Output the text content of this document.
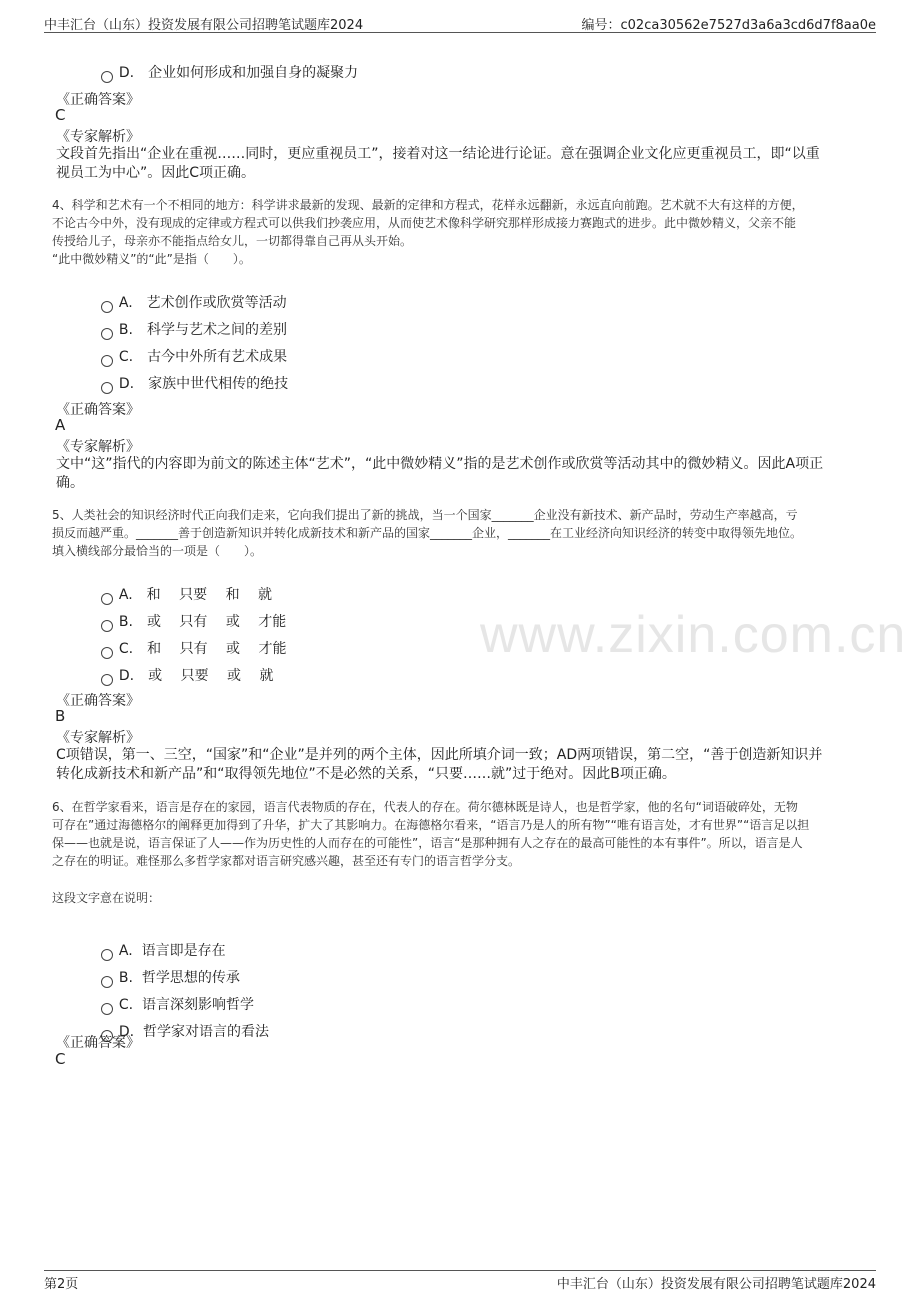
中丰汇台（山东）投资发展有限公司招聘笔试题库2024	编号：c02ca30562e7527d3a6a3cd6d7f8aa0e
www.zixin.com.cn

D.　企业如何形成和加强自身的凝聚力

《正确答案》
C
《专家解析》
文段首先指出“企业在重视……同时，更应重视员工”，接着对这一结论进行论证。意在强调企业文化应更重视员工，即“以重
视员工为中心”。因此C项正确。
4、科学和艺术有一个不相同的地方：科学讲求最新的发现、最新的定律和方程式，花样永远翻新，永远直向前跑。艺术就不大有这样的方便，
不论古今中外，没有现成的定律或方程式可以供我们抄袭应用，从而使艺术像科学研究那样形成接力赛跑式的进步。此中微妙精义，父亲不能
传授给儿子，母亲亦不能指点给女儿，一切都得靠自己再从头开始。
“此中微妙精义”的“此”是指（　　）。

A.　艺术创作或欣赏等活动

B.　科学与艺术之间的差别

C.　古今中外所有艺术成果

D.　家族中世代相传的绝技

《正确答案》
A
《专家解析》
文中“这”指代的内容即为前文的陈述主体“艺术”，“此中微妙精义”指的是艺术创作或欣赏等活动其中的微妙精义。因此A项正
确。
5、人类社会的知识经济时代正向我们走来，它向我们提出了新的挑战，当一个国家_______企业没有新技术、新产品时，劳动生产率越高，亏
损反而越严重。_______善于创造新知识并转化成新技术和新产品的国家_______企业，_______在工业经济向知识经济的转变中取得领先地位。
填入横线部分最恰当的一项是（　　）。

A.　和　 只要　 和　 就

B.　或　 只有　 或　 才能

C.　和　 只有　 或　 才能

D.　或　 只要　 或　 就

《正确答案》
B
《专家解析》
C项错误，第一、三空，“国家”和“企业”是并列的两个主体，因此所填介词一致；AD两项错误，第二空，“善于创造新知识并
转化成新技术和新产品”和“取得领先地位”不是必然的关系，“只要……就”过于绝对。因此B项正确。
6、在哲学家看来，语言是存在的家园，语言代表物质的存在，代表人的存在。荷尔德林既是诗人，也是哲学家，他的名句“词语破碎处，无物
可存在”通过海德格尔的阐释更加得到了升华，扩大了其影响力。在海德格尔看来，“语言乃是人的所有物”“唯有语言处，才有世界”“语言足以担
保——也就是说，语言保证了人——作为历史性的人而存在的可能性”，语言“是那种拥有人之存在的最高可能性的本有事件”。所以，语言是人
之存在的明证。难怪那么多哲学家都对语言研究感兴趣，甚至还有专门的语言哲学分支。
这段文字意在说明：

A.  语言即是存在

B.  哲学思想的传承

C.  语言深刻影响哲学

D.  哲学家对语言的看法

《正确答案》
C
第2页	中丰汇台（山东）投资发展有限公司招聘笔试题库2024
